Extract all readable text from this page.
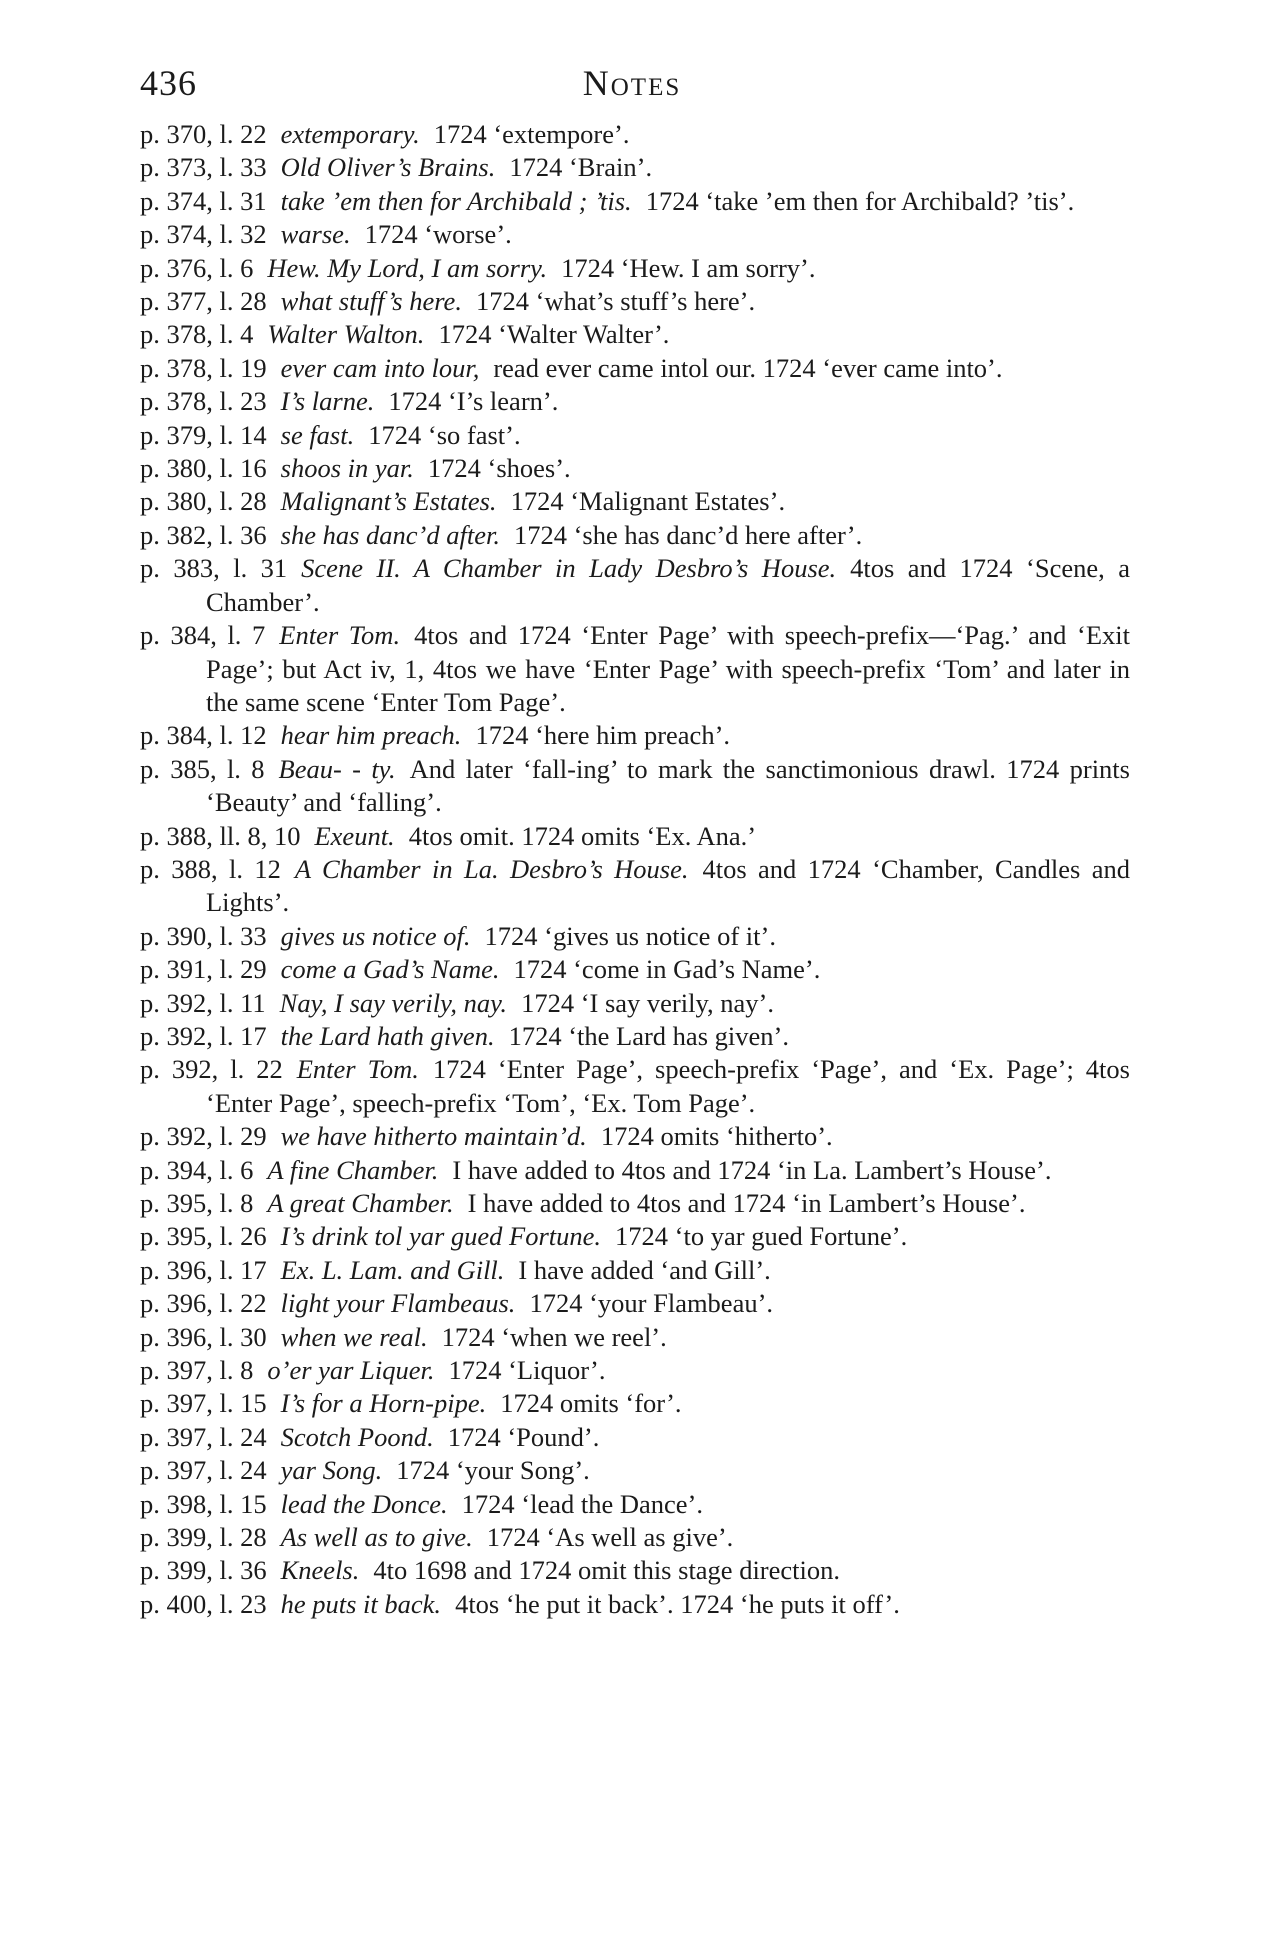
436	Notes
p. 370, l. 22 extemporary. 1724 ‘extempore’.
p. 373, l. 33 Old Oliver’s Brains. 1724 ‘Brain’.
p. 374, l. 31 take ’em then for Archibald ; ’tis. 1724 ‘take ’em then for Archibald? ’tis’.
p. 374, l. 32 warse. 1724 ‘worse’.
p. 376, l. 6 Hew. My Lord, I am sorry. 1724 ‘Hew. I am sorry’.
p. 377, l. 28 what stuff’s here. 1724 ‘what’s stuff’s here’.
p. 378, l. 4 Walter Walton. 1724 ‘Walter Walter’.
p. 378, l. 19 ever cam into lour, read ever came intol our. 1724 ‘ever came into’.
p. 378, l. 23 I’s larne. 1724 ‘I’s learn’.
p. 379, l. 14 se fast. 1724 ‘so fast’.
p. 380, l. 16 shoos in yar. 1724 ‘shoes’.
p. 380, l. 28 Malignant’s Estates. 1724 ‘Malignant Estates’.
p. 382, l. 36 she has danc’d after. 1724 ‘she has danc’d here after’.
p. 383, l. 31 Scene II. A Chamber in Lady Desbro’s House. 4tos and 1724 ‘Scene, a Chamber’.
p. 384, l. 7 Enter Tom. 4tos and 1724 ‘Enter Page’ with speech-prefix—‘Pag.’ and ‘Exit Page’; but Act iv, 1, 4tos we have ‘Enter Page’ with speech-prefix ‘Tom’ and later in the same scene ‘Enter Tom Page’.
p. 384, l. 12 hear him preach. 1724 ‘here him preach’.
p. 385, l. 8 Beau- - ty. And later ‘fall-ing’ to mark the sanctimonious drawl. 1724 prints ‘Beauty’ and ‘falling’.
p. 388, ll. 8, 10 Exeunt. 4tos omit. 1724 omits ‘Ex. Ana.’
p. 388, l. 12 A Chamber in La. Desbro’s House. 4tos and 1724 ‘Chamber, Candles and Lights’.
p. 390, l. 33 gives us notice of. 1724 ‘gives us notice of it’.
p. 391, l. 29 come a Gad’s Name. 1724 ‘come in Gad’s Name’.
p. 392, l. 11 Nay, I say verily, nay. 1724 ‘I say verily, nay’.
p. 392, l. 17 the Lard hath given. 1724 ‘the Lard has given’.
p. 392, l. 22 Enter Tom. 1724 ‘Enter Page’, speech-prefix ‘Page’, and ‘Ex. Page’; 4tos ‘Enter Page’, speech-prefix ‘Tom’, ‘Ex. Tom Page’.
p. 392, l. 29 we have hitherto maintain’d. 1724 omits ‘hitherto’.
p. 394, l. 6 A fine Chamber. I have added to 4tos and 1724 ‘in La. Lambert’s House’.
p. 395, l. 8 A great Chamber. I have added to 4tos and 1724 ‘in Lambert’s House’.
p. 395, l. 26 I’s drink tol yar gued Fortune. 1724 ‘to yar gued Fortune’.
p. 396, l. 17 Ex. L. Lam. and Gill. I have added ‘and Gill’.
p. 396, l. 22 light your Flambeaus. 1724 ‘your Flambeau’.
p. 396, l. 30 when we real. 1724 ‘when we reel’.
p. 397, l. 8 o’er yar Liquer. 1724 ‘Liquor’.
p. 397, l. 15 I’s for a Horn-pipe. 1724 omits ‘for’.
p. 397, l. 24 Scotch Poond. 1724 ‘Pound’.
p. 397, l. 24 yar Song. 1724 ‘your Song’.
p. 398, l. 15 lead the Donce. 1724 ‘lead the Dance’.
p. 399, l. 28 As well as to give. 1724 ‘As well as give’.
p. 399, l. 36 Kneels. 4to 1698 and 1724 omit this stage direction.
p. 400, l. 23 he puts it back. 4tos ‘he put it back’. 1724 ‘he puts it off’.
